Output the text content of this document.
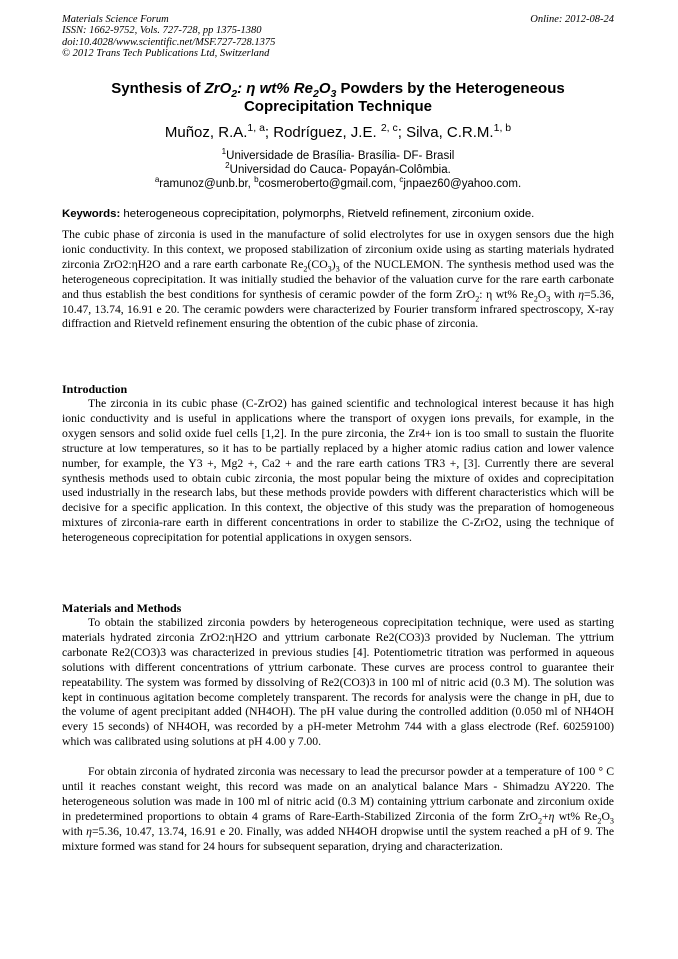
Materials Science Forum
ISSN: 1662-9752, Vols. 727-728, pp 1375-1380
doi:10.4028/www.scientific.net/MSF.727-728.1375
© 2012 Trans Tech Publications Ltd, Switzerland
Online: 2012-08-24
Synthesis of ZrO$_2$: η wt% $Re_2O_3$ Powders by the Heterogeneous
Coprecipitation Technique
Muñoz, R.A.$^{1, a}$; Rodríguez, J.E. $^{2, c}$; Silva, C.R.M.$^{1, b}$
$^1$Universidade de Brasília- Brasília- DF- Brasil
$^2$Universidad do Cauca- Popayán-Colômbia.
$^a$ramunoz@unb.br, $^b$cosmeroberto@gmail.com, $^c$jnpaez60@yahoo.com.
Keywords: heterogeneous coprecipitation, polymorphs, Rietveld refinement, zirconium oxide.

The cubic phase of zirconia is used in the manufacture of solid electrolytes for use in oxygen sensors due the high ionic conductivity. In this context, we proposed stabilization of zirconium oxide using as starting materials hydrated zirconia ZrO2:ηH2O and a rare earth carbonate $Re_2(CO_3)_3$ of the NUCLEMON. The synthesis method used was the heterogeneous coprecipitation. It was initially studied the behavior of the valuation curve for the rare earth carbonate and thus establish the best conditions for synthesis of ceramic powder of the form ZrO$_2$: η wt% $Re_2O_3$ with η=5.36, 10.47, 13.74, 16.91 e 20. The ceramic powders were characterized by Fourier transform infrared spectroscopy, X-ray diffraction and Rietveld refinement ensuring the obtention of the cubic phase of zirconia.

Introduction

The zirconia in its cubic phase (C-ZrO2) has gained scientific and technological interest because it has high ionic conductivity and is useful in applications where the transport of oxygen ions prevails, for example, in the oxygen sensors and solid oxide fuel cells [1,2]. In the pure zirconia, the Zr4+ ion is too small to sustain the fluorite structure at low temperatures, so it has to be partially replaced by a higher atomic radius cation and lower valence number, for example, the Y3 +, Mg2 +, Ca2 + and the rare earth cations TR3 +, [3]. Currently there are several synthesis methods used to obtain cubic zirconia, the most popular being the mixture of oxides and coprecipitation used industrially in the research labs, but these methods provide powders with different characteristics which will be decisive for a specific application. In this context, the objective of this study was the preparation of homogeneous mixtures of zirconia-rare earth in different concentrations in order to stabilize the C-ZrO2, using the technique of heterogeneous coprecipitation for potential applications in oxygen sensors.

Materials and Methods

To obtain the stabilized zirconia powders by heterogeneous coprecipitation technique, were used as starting materials hydrated zirconia ZrO2:ηH2O and yttrium carbonate Re2(CO3)3 provided by Nucleman. The yttrium carbonate Re2(CO3)3 was characterized in previous studies [4]. Potentiometric titration was performed in aqueous solutions with different concentrations of yttrium carbonate. These curves are process control to guarantee their repeatability. The system was formed by dissolving of Re2(CO3)3 in 100 ml of nitric acid (0.3 M). The solution was kept in continuous agitation become completely transparent. The records for analysis were the change in pH, due to the volume of agent precipitant added (NH4OH). The pH value during the controlled addition (0.050 ml of NH4OH every 15 seconds) of NH4OH, was recorded by a pH-meter Metrohm 744 with a glass electrode (Ref. 60259100) which was calibrated using solutions at pH 4.00 y 7.00.

For obtain zirconia of hydrated zirconia was necessary to lead the precursor powder at a temperature of 100 ° C until it reaches constant weight, this record was made on an analytical balance Mars - Shimadzu AY220. The heterogeneous solution was made in 100 ml of nitric acid (0.3 M) containing yttrium carbonate and zirconium oxide in predetermined proportions to obtain 4 grams of Rare-Earth-Stabilized Zirconia of the form ZrO$_2$+η wt% $Re_2O_3$ with η=5.36, 10.47, 13.74, 16.91 e 20. Finally, was added NH4OH dropwise until the system reached a pH of 9. The mixture formed was stand for 24 hours for subsequent separation, drying and characterization.
